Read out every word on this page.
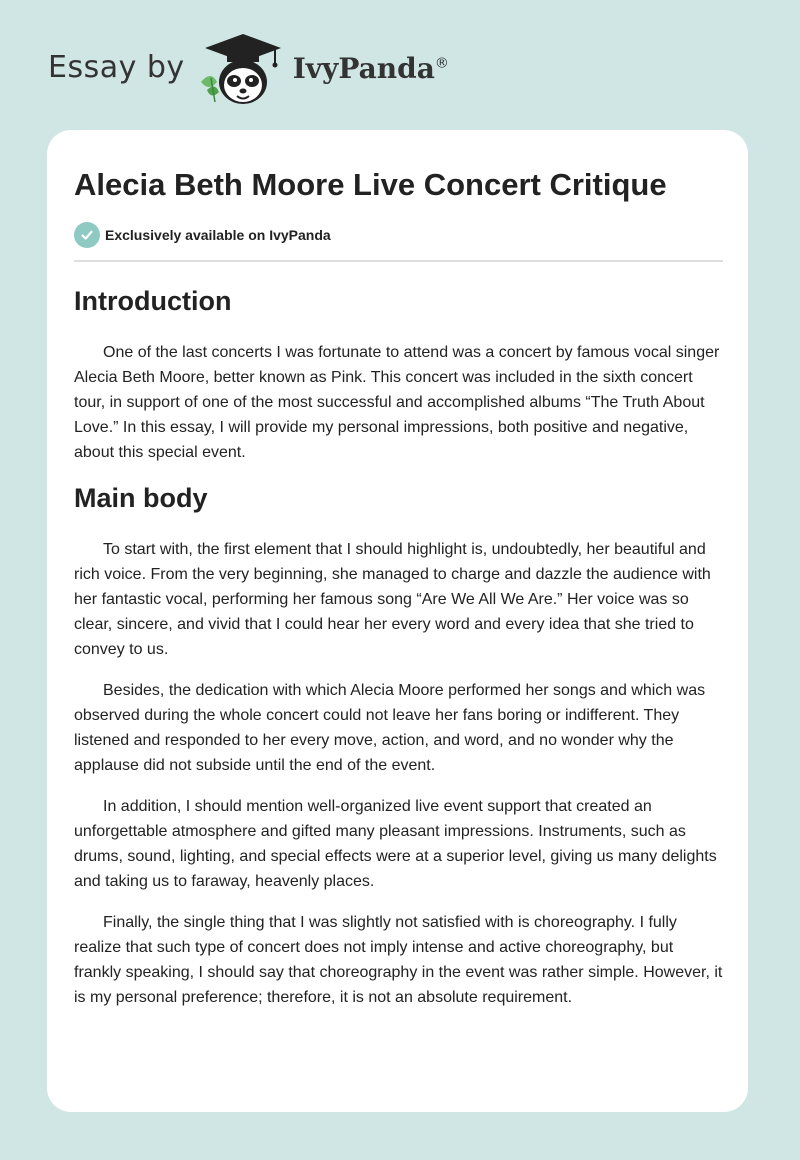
Essay by	IvyPanda®
Alecia Beth Moore Live Concert Critique
Exclusively available on IvyPanda
Introduction

One of the last concerts I was fortunate to attend was a concert by famous vocal singer Alecia Beth Moore, better known as Pink. This concert was included in the sixth concert tour, in support of one of the most successful and accomplished albums “The Truth About Love.” In this essay, I will provide my personal impressions, both positive and negative, about this special event.

Main body

To start with, the first element that I should highlight is, undoubtedly, her beautiful and rich voice. From the very beginning, she managed to charge and dazzle the audience with her fantastic vocal, performing her famous song “Are We All We Are.” Her voice was so clear, sincere, and vivid that I could hear her every word and every idea that she tried to convey to us.

Besides, the dedication with which Alecia Moore performed her songs and which was observed during the whole concert could not leave her fans boring or indifferent. They listened and responded to her every move, action, and word, and no wonder why the applause did not subside until the end of the event.

In addition, I should mention well-organized live event support that created an unforgettable atmosphere and gifted many pleasant impressions. Instruments, such as drums, sound, lighting, and special effects were at a superior level, giving us many delights and taking us to faraway, heavenly places.

Finally, the single thing that I was slightly not satisfied with is choreography. I fully realize that such type of concert does not imply intense and active choreography, but frankly speaking, I should say that choreography in the event was rather simple. However, it is my personal preference; therefore, it is not an absolute requirement.
